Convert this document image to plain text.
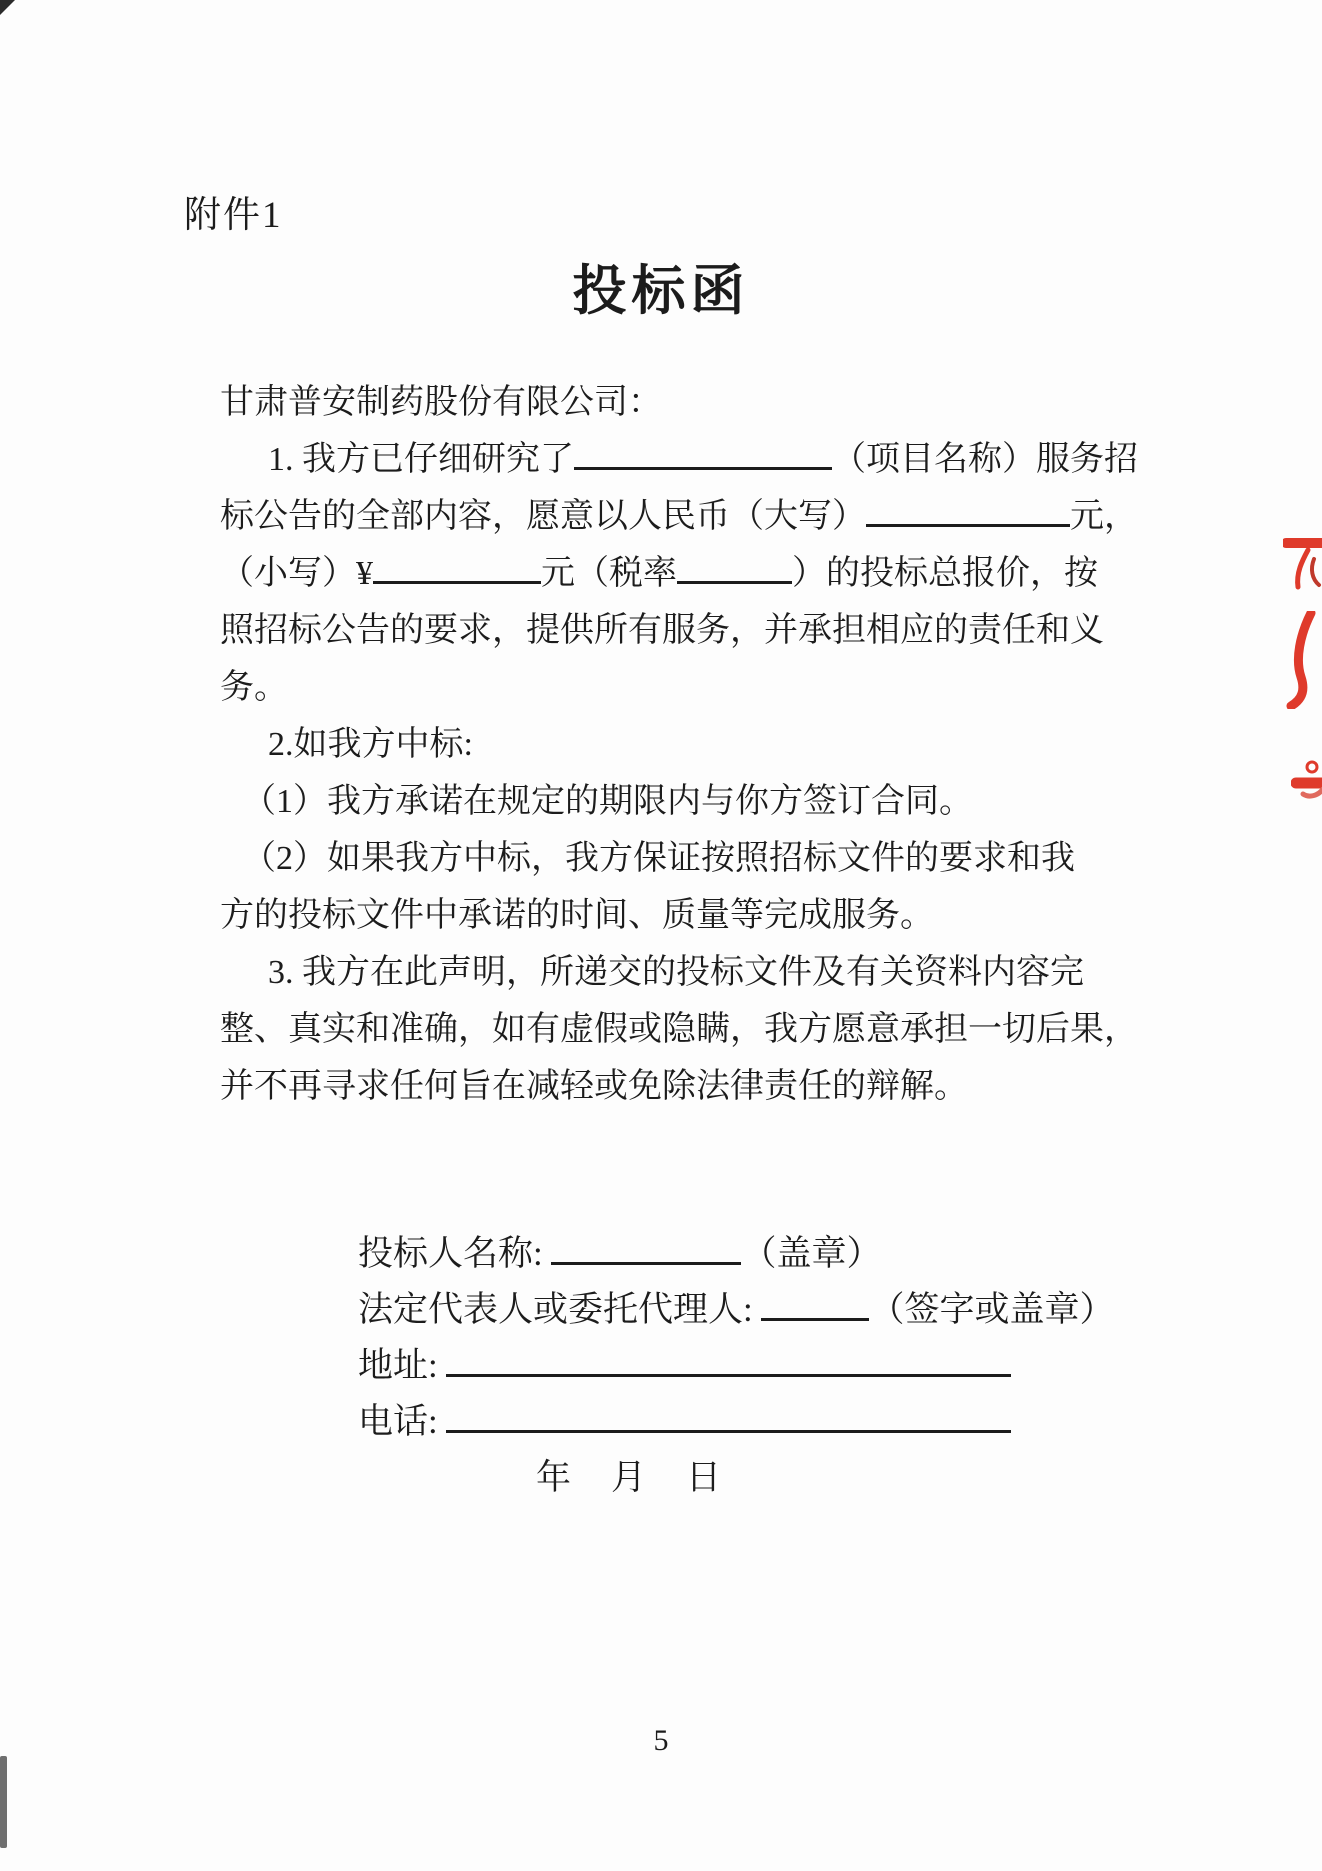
附件1
投标函
甘肃普安制药股份有限公司：
1. 我方已仔细研究了	（项目名称）服务招
标公告的全部内容，愿意以人民币（大写）	元，
（小写）¥	元（税率	）的投标总报价，按
照招标公告的要求，提供所有服务，并承担相应的责任和义
务。
2.如我方中标:
（1）我方承诺在规定的期限内与你方签订合同。
（2）如果我方中标，我方保证按照招标文件的要求和我
方的投标文件中承诺的时间、质量等完成服务。
3. 我方在此声明，所递交的投标文件及有关资料内容完
整、真实和准确，如有虚假或隐瞒，我方愿意承担一切后果，
并不再寻求任何旨在减轻或免除法律责任的辩解。
投标人名称:	（盖章）
法定代表人或委托代理人:	（签字或盖章）
地址:
电话:
年 月 日
5
